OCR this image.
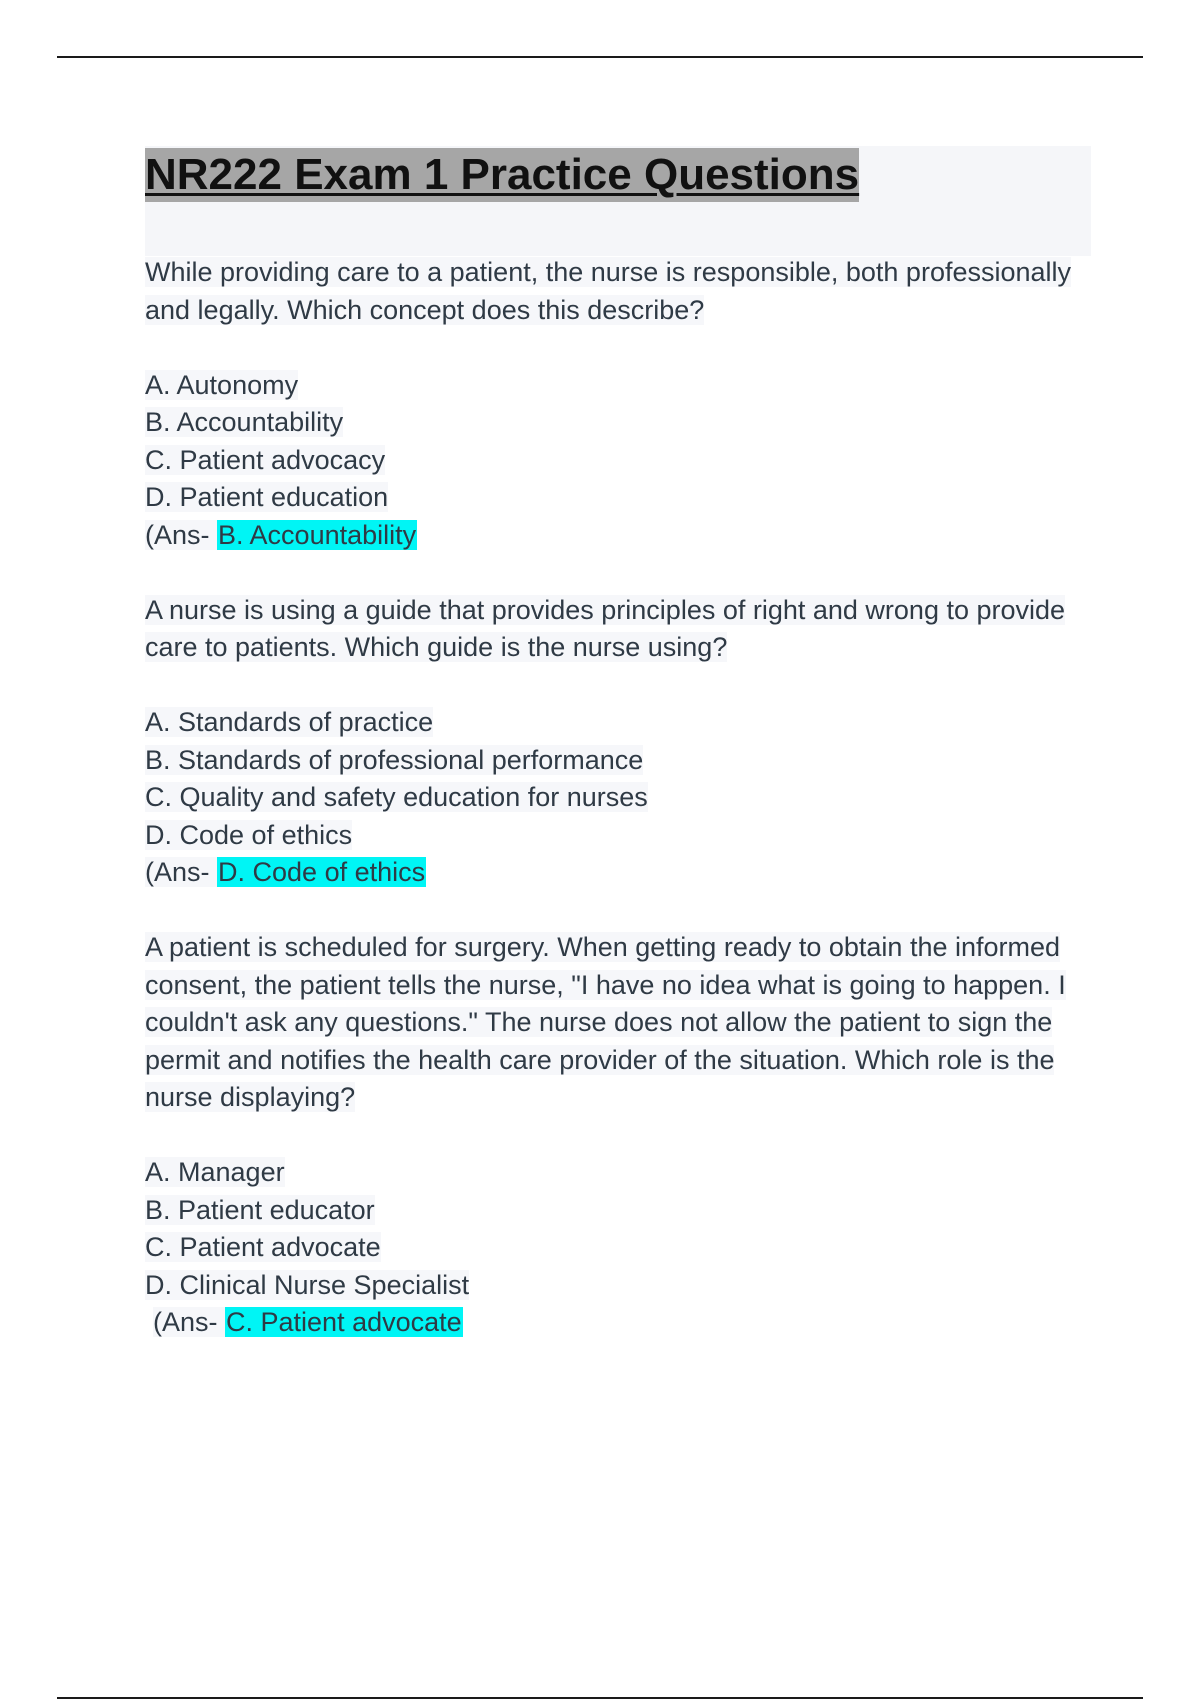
NR222 Exam 1 Practice Questions

While providing care to a patient, the nurse is responsible, both professionally and legally. Which concept does this describe?

A. Autonomy

B. Accountability

C. Patient advocacy

D. Patient education

(Ans- B. Accountability

A nurse is using a guide that provides principles of right and wrong to provide care to patients. Which guide is the nurse using?

A. Standards of practice

B. Standards of professional performance

C. Quality and safety education for nurses

D. Code of ethics

(Ans- D. Code of ethics

A patient is scheduled for surgery. When getting ready to obtain the informed consent, the patient tells the nurse, "I have no idea what is going to happen. I couldn't ask any questions." The nurse does not allow the patient to sign the permit and notifies the health care provider of the situation. Which role is the nurse displaying?

A. Manager

B. Patient educator

C. Patient advocate

D. Clinical Nurse Specialist

(Ans- C. Patient advocate
